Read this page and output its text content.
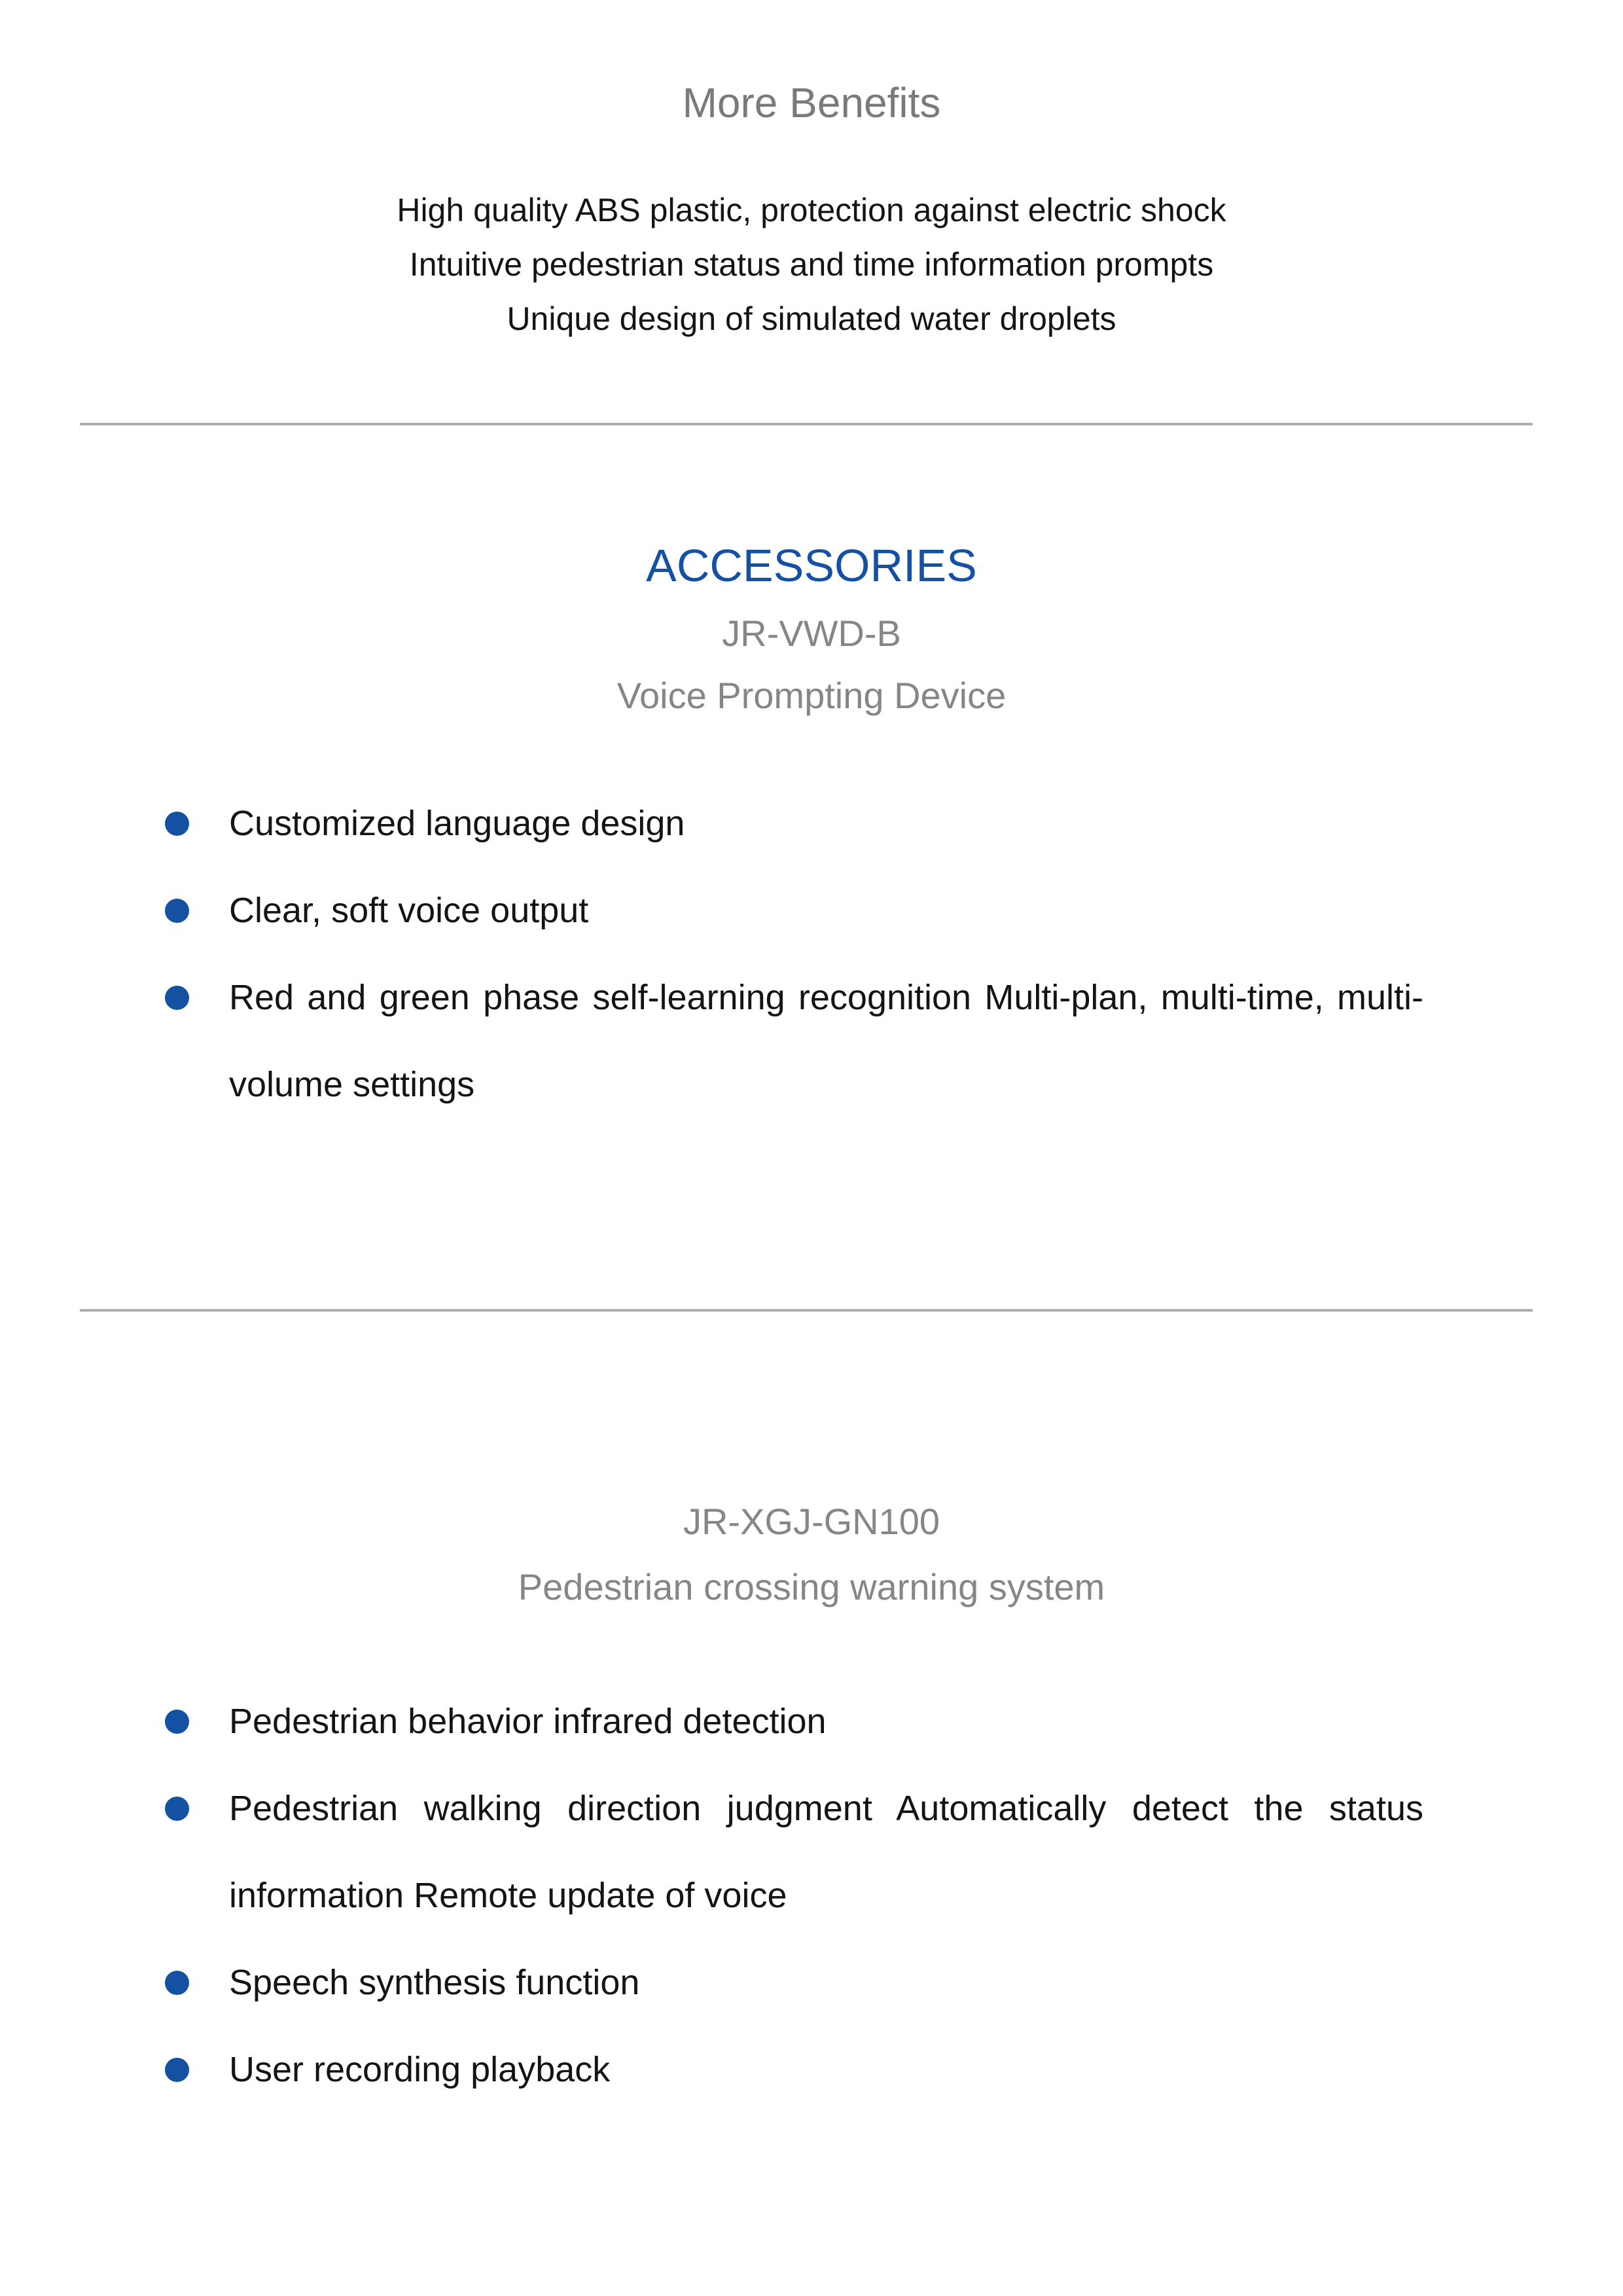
More Benefits
High quality ABS plastic, protection against electric shock
Intuitive pedestrian status and time information prompts
Unique design of simulated water droplets
ACCESSORIES
JR-VWD-B
Voice Prompting Device
Customized language design
Clear, soft voice output
Red and green phase self-learning recognition Multi-plan, multi-time, multi-volume settings
JR-XGJ-GN100
Pedestrian crossing warning system
Pedestrian behavior infrared detection
Pedestrian walking direction judgment Automatically detect the status information Remote update of voice
Speech synthesis function
User recording playback
